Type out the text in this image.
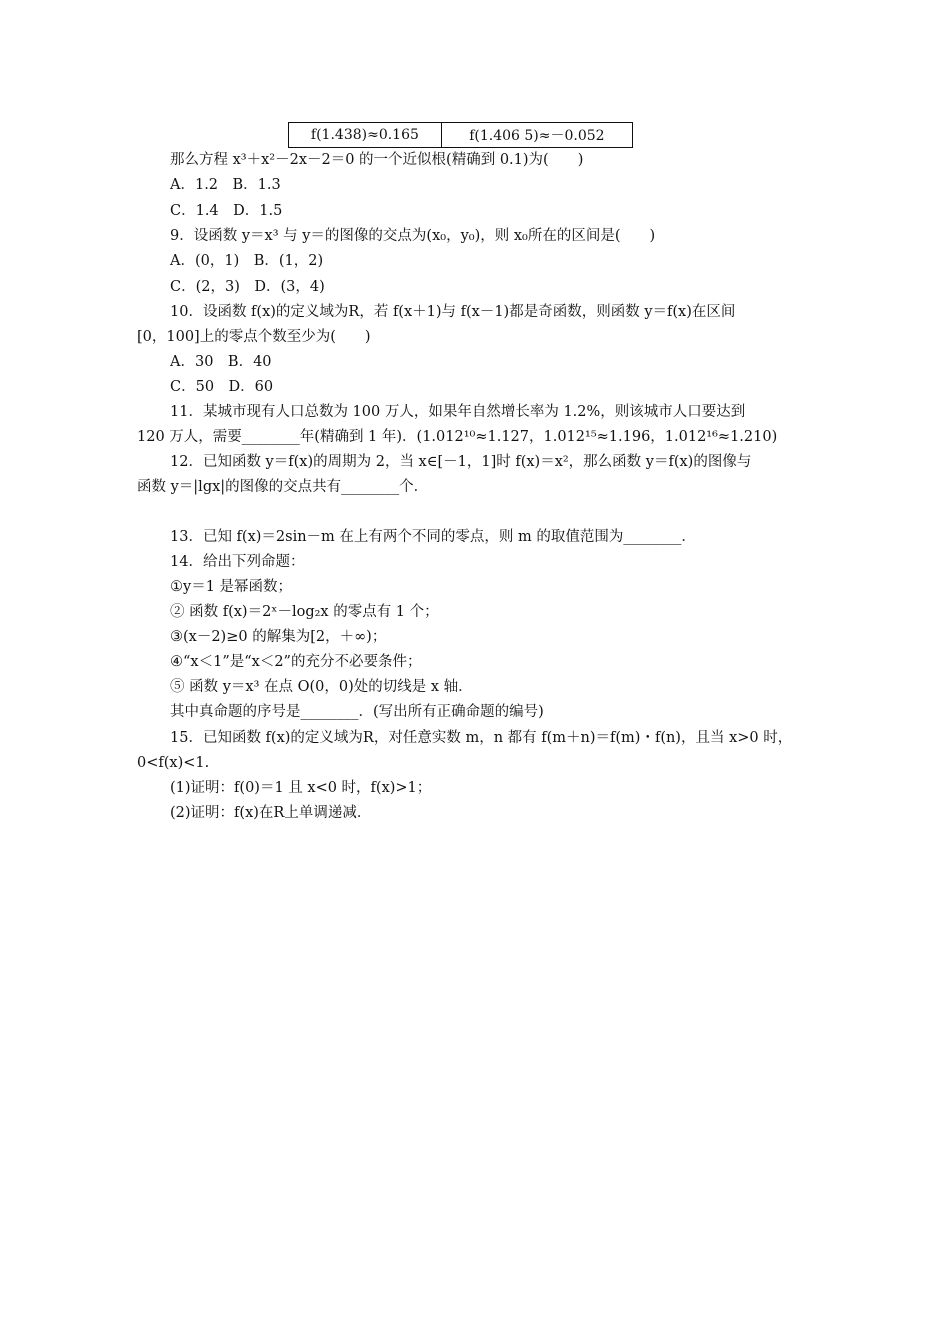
f(1.438)≈0.165	f(1.406 5)≈－0.052
那么方程 x³＋x²－2x－2＝0 的一个近似根(精确到 0.1)为(　　)
A．1.2　B．1.3
C．1.4　D．1.5
9．设函数 y＝x³ 与 y＝的图像的交点为(x₀，y₀)，则 x₀所在的区间是(　　)
A．(0，1)　B．(1，2)
C．(2，3)　D．(3，4)
10．设函数 f(x)的定义域为R，若 f(x＋1)与 f(x－1)都是奇函数，则函数 y＝f(x)在区间
[0，100]上的零点个数至少为(　　)
A．30　B．40
C．50　D．60
11．某城市现有人口总数为 100 万人，如果年自然增长率为 1.2%，则该城市人口要达到
120 万人，需要________年(精确到 1 年)．(1.012¹⁰≈1.127，1.012¹⁵≈1.196，1.012¹⁶≈1.210)
12．已知函数 y＝f(x)的周期为 2，当 x∈[－1，1]时 f(x)＝x²，那么函数 y＝f(x)的图像与
函数 y＝|lgx|的图像的交点共有________个．
13．已知 f(x)＝2sin－m 在上有两个不同的零点，则 m 的取值范围为________．
14．给出下列命题：
①y＝1 是幂函数；
② 函数 f(x)＝2ˣ－log₂x 的零点有 1 个；
③(x－2)≥0 的解集为[2，＋∞)；
④“x＜1”是“x＜2”的充分不必要条件；
⑤ 函数 y＝x³ 在点 O(0，0)处的切线是 x 轴．
其中真命题的序号是________．(写出所有正确命题的编号)
15．已知函数 f(x)的定义域为R，对任意实数 m，n 都有 f(m＋n)＝f(m)・f(n)，且当 x>0 时，
0<f(x)<1.
(1)证明：f(0)＝1 且 x<0 时，f(x)>1；
(2)证明：f(x)在R上单调递减．
